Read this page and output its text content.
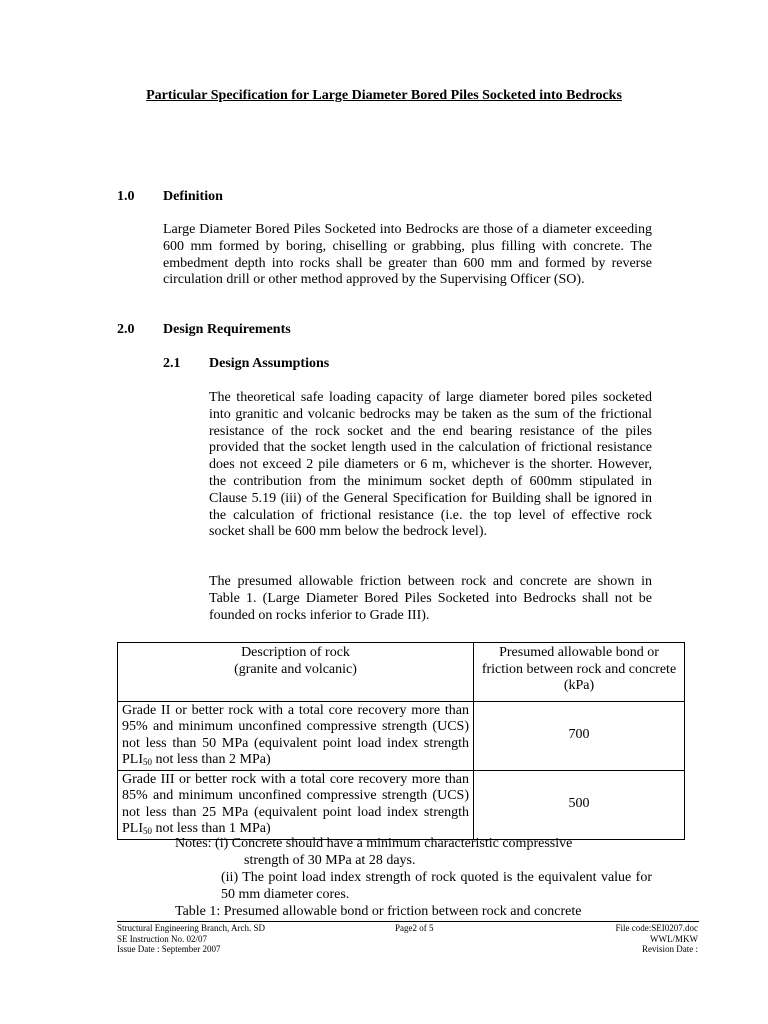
Particular Specification for Large Diameter Bored Piles Socketed into Bedrocks
1.0 Definition

Large Diameter Bored Piles Socketed into Bedrocks are those of a diameter exceeding 600 mm formed by boring, chiselling or grabbing, plus filling with concrete. The embedment depth into rocks shall be greater than 600 mm and formed by reverse circulation drill or other method approved by the Supervising Officer (SO).

2.0 Design Requirements
2.1 Design Assumptions

The theoretical safe loading capacity of large diameter bored piles socketed into granitic and volcanic bedrocks may be taken as the sum of the frictional resistance of the rock socket and the end bearing resistance of the piles provided that the socket length used in the calculation of frictional resistance does not exceed 2 pile diameters or 6 m, whichever is the shorter. However, the contribution from the minimum socket depth of 600mm stipulated in Clause 5.19 (iii) of the General Specification for Building shall be ignored in the calculation of frictional resistance (i.e. the top level of effective rock socket shall be 600 mm below the bedrock level).

The presumed allowable friction between rock and concrete are shown in Table 1. (Large Diameter Bored Piles Socketed into Bedrocks shall not be founded on rocks inferior to Grade III).

Description of rock
(granite and volcanic)	Presumed allowable bond or friction between rock and concrete (kPa)
Grade II or better rock with a total core recovery more than 95% and minimum unconfined compressive strength (UCS) not less than 50 MPa (equivalent point load index strength $PLI_{50}$ not less than 2 MPa)	700
Grade III or better rock with a total core recovery more than 85% and minimum unconfined compressive strength (UCS) not less than 25 MPa (equivalent point load index strength $PLI_{50}$ not less than 1 MPa)	500
Notes: (i) Concrete should have a minimum characteristic compressive
strength of 30 MPa at 28 days.
(ii) The point load index strength of rock quoted is the equivalent value for 50 mm diameter cores.
Table 1: Presumed allowable bond or friction between rock and concrete
Structural Engineering Branch, Arch. SD
SE Instruction No. 02/07
Issue Date : September 2007
Page2 of 5	File code:SEI0207.doc
WWL/MKW
Revision Date :
